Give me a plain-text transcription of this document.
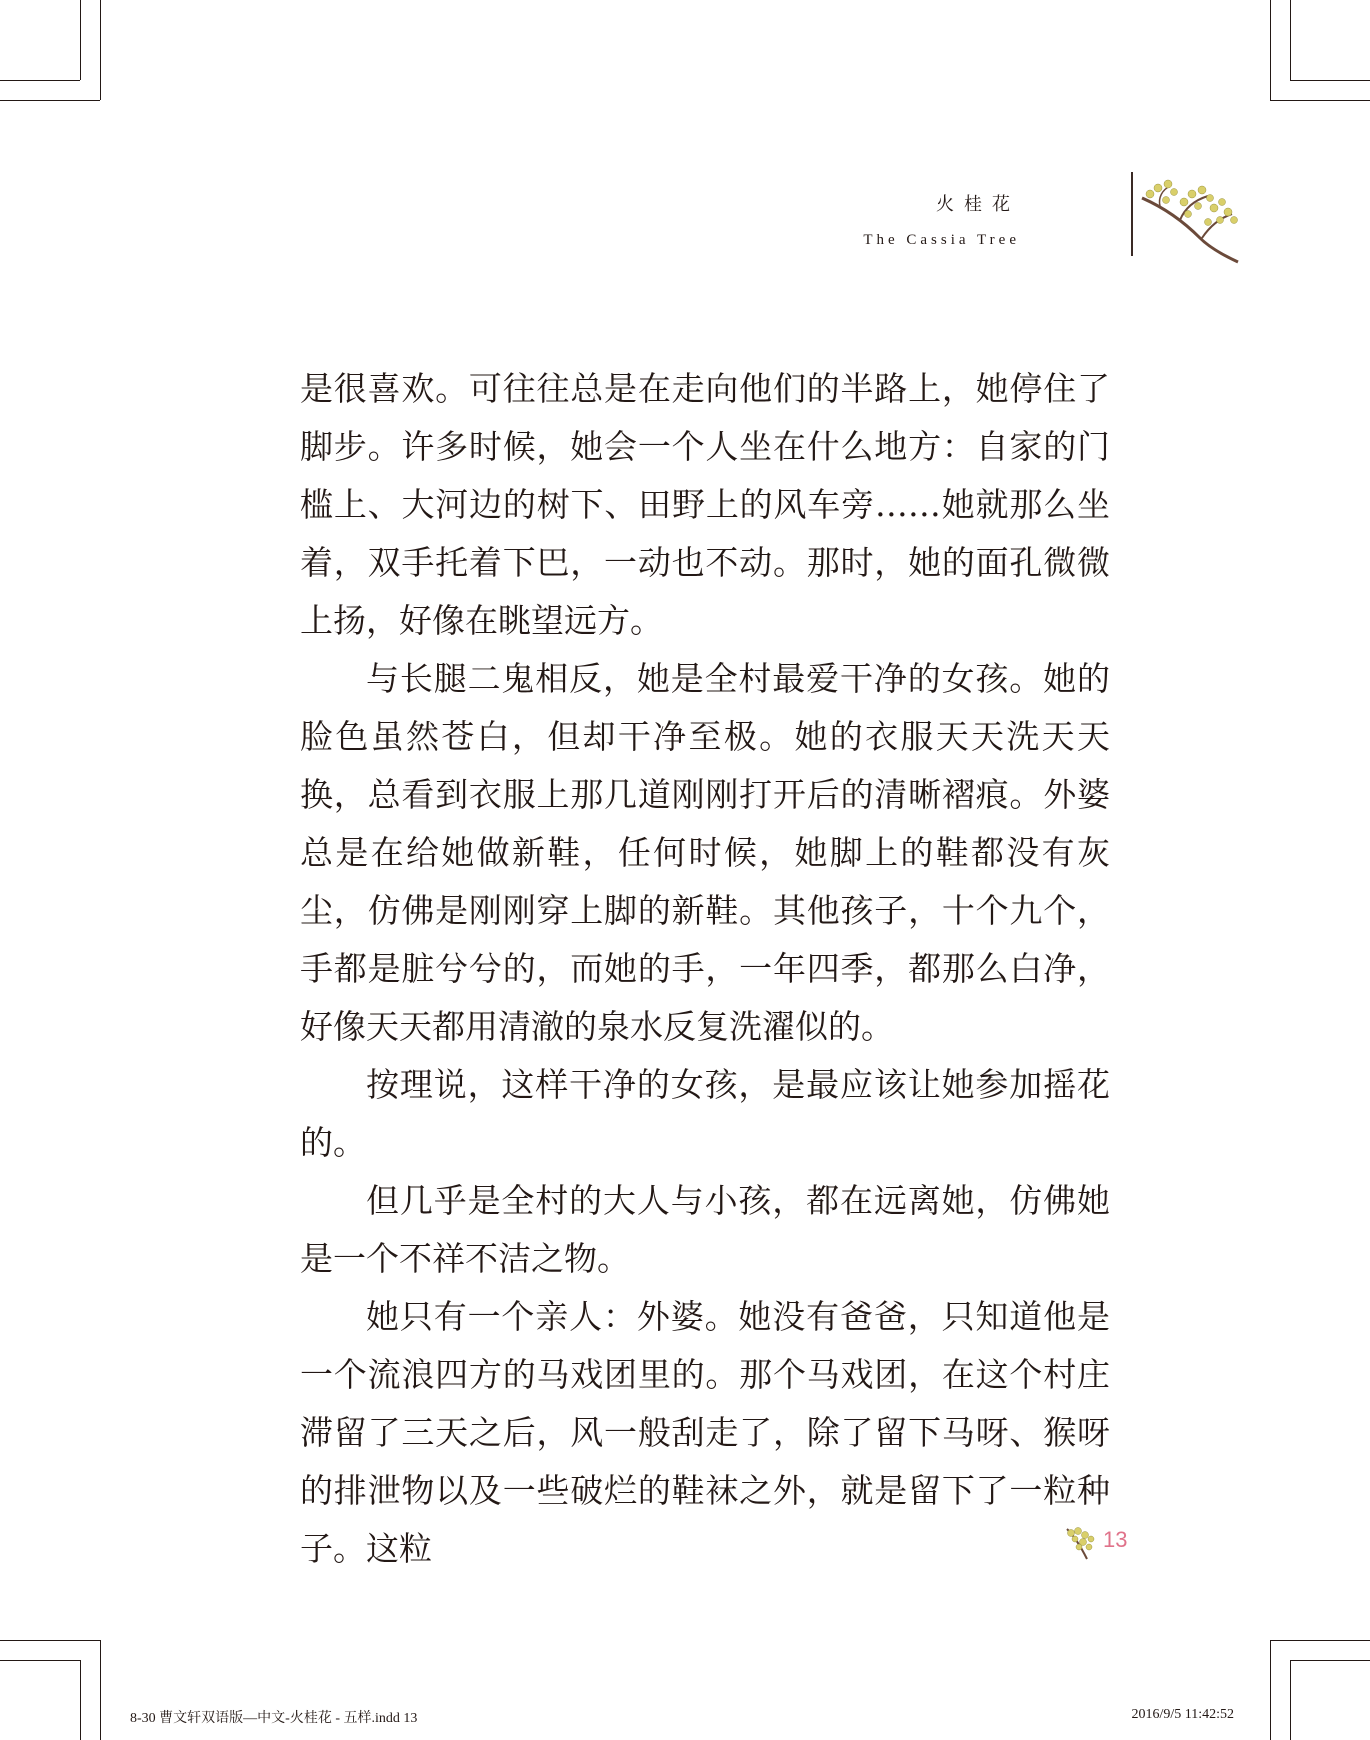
火桂花
The Cassia Tree

是很喜欢。可往往总是在走向他们的半路上，她停住了脚步。许多时候，她会一个人坐在什么地方：自家的门槛上、大河边的树下、田野上的风车旁……她就那么坐着，双手托着下巴，一动也不动。那时，她的面孔微微上扬，好像在眺望远方。

与长腿二鬼相反，她是全村最爱干净的女孩。她的脸色虽然苍白，但却干净至极。她的衣服天天洗天天换，总看到衣服上那几道刚刚打开后的清晰褶痕。外婆总是在给她做新鞋，任何时候，她脚上的鞋都没有灰尘，仿佛是刚刚穿上脚的新鞋。其他孩子，十个九个，手都是脏兮兮的，而她的手，一年四季，都那么白净，好像天天都用清澈的泉水反复洗濯似的。

按理说，这样干净的女孩，是最应该让她参加摇花的。

但几乎是全村的大人与小孩，都在远离她，仿佛她是一个不祥不洁之物。

她只有一个亲人：外婆。她没有爸爸，只知道他是一个流浪四方的马戏团里的。那个马戏团，在这个村庄滞留了三天之后，风一般刮走了，除了留下马呀、猴呀的排泄物以及一些破烂的鞋袜之外，就是留下了一粒种子。这粒	13
8-30 曹文轩双语版—中文-火桂花 - 五样.indd 13	2016/9/5 11:42:52
